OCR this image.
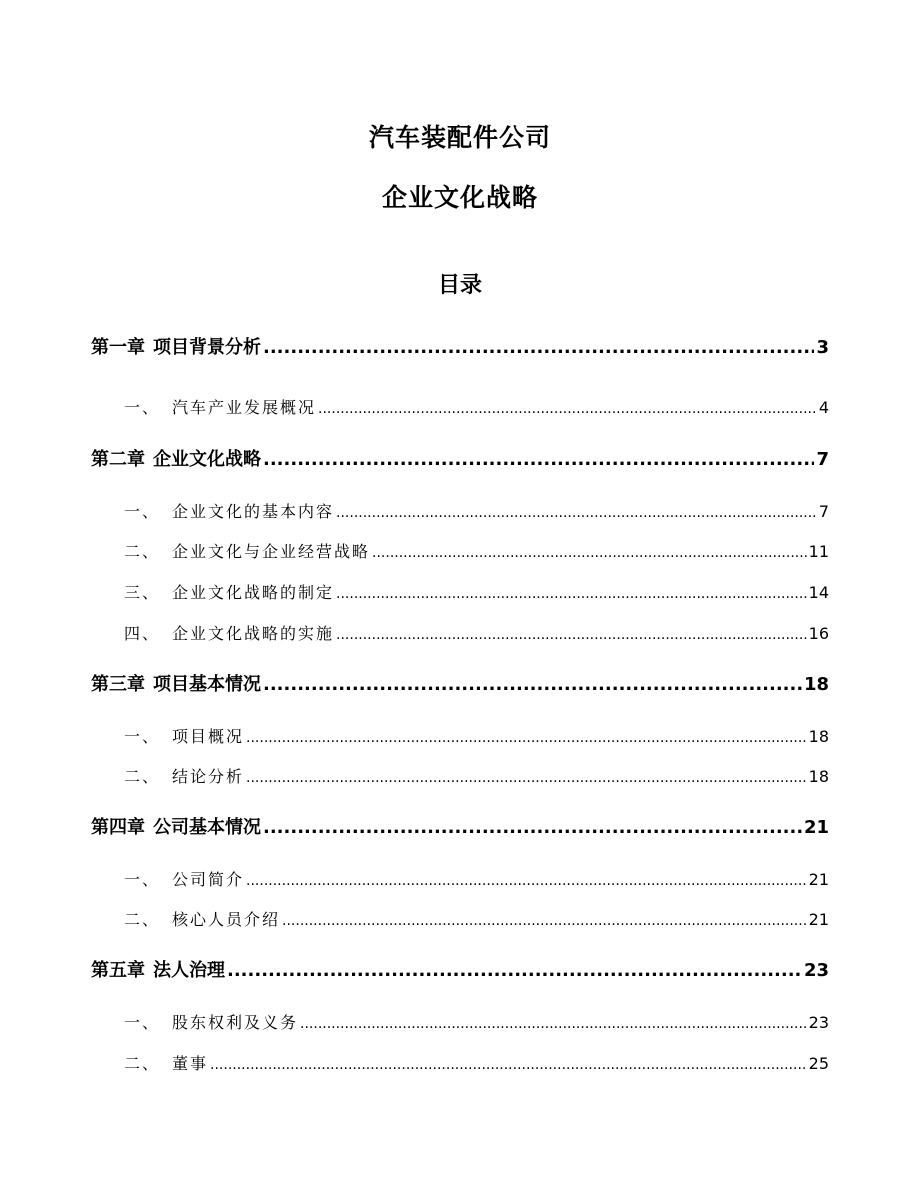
汽车装配件公司
企业文化战略
目录
第一章 项目背景分析 .....	3
一、 汽车产业发展概况 .....	4
第二章 企业文化战略 .....	7
一、 企业文化的基本内容 .....	7
二、 企业文化与企业经营战略 .....	11
三、 企业文化战略的制定 .....	14
四、 企业文化战略的实施 .....	16
第三章 项目基本情况 .....	18
一、 项目概况 .....	18
二、 结论分析 .....	18
第四章 公司基本情况 .....	21
一、 公司简介 .....	21
二、 核心人员介绍 .....	21
第五章 法人治理 .....	23
一、 股东权利及义务 .....	23
二、 董事 .....	25
